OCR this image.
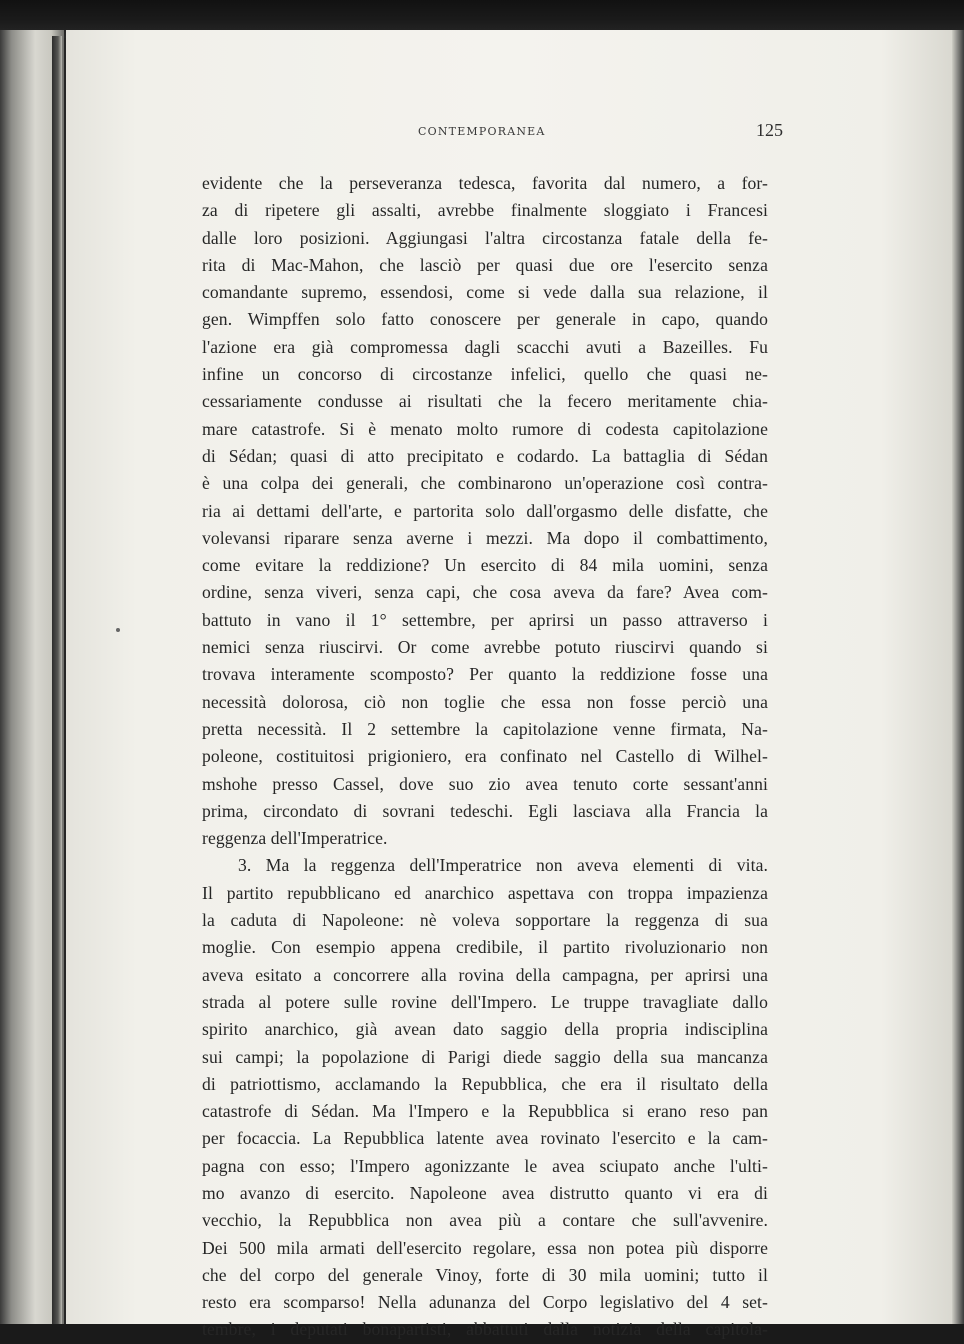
CONTEMPORANEA	125
evidente che la perseveranza tedesca, favorita dal numero, a for-
za di ripetere gli assalti, avrebbe finalmente sloggiato i Francesi
dalle loro posizioni. Aggiungasi l'altra circostanza fatale della fe-
rita di Mac-Mahon, che lasciò per quasi due ore l'esercito senza
comandante supremo, essendosi, come si vede dalla sua relazione, il
gen. Wimpffen solo fatto conoscere per generale in capo, quando
l'azione era già compromessa dagli scacchi avuti a Bazeilles. Fu
infine un concorso di circostanze infelici, quello che quasi ne-
cessariamente condusse ai risultati che la fecero meritamente chia-
mare catastrofe. Si è menato molto rumore di codesta capitolazione
di Sédan; quasi di atto precipitato e codardo. La battaglia di Sédan
è una colpa dei generali, che combinarono un'operazione così contra-
ria ai dettami dell'arte, e partorita solo dall'orgasmo delle disfatte, che
volevansi riparare senza averne i mezzi. Ma dopo il combattimento,
come evitare la reddizione? Un esercito di 84 mila uomini, senza
ordine, senza viveri, senza capi, che cosa aveva da fare? Avea com-
battuto in vano il 1° settembre, per aprirsi un passo attraverso i
nemici senza riuscirvi. Or come avrebbe potuto riuscirvi quando si
trovava interamente scomposto? Per quanto la reddizione fosse una
necessità dolorosa, ciò non toglie che essa non fosse perciò una
pretta necessità. Il 2 settembre la capitolazione venne firmata, Na-
poleone, costituitosi prigioniero, era confinato nel Castello di Wilhel-
mshohe presso Cassel, dove suo zio avea tenuto corte sessant'anni
prima, circondato di sovrani tedeschi. Egli lasciava alla Francia la
reggenza dell'Imperatrice.
3. Ma la reggenza dell'Imperatrice non aveva elementi di vita.
Il partito repubblicano ed anarchico aspettava con troppa impazienza
la caduta di Napoleone: nè voleva sopportare la reggenza di sua
moglie. Con esempio appena credibile, il partito rivoluzionario non
aveva esitato a concorrere alla rovina della campagna, per aprirsi una
strada al potere sulle rovine dell'Impero. Le truppe travagliate dallo
spirito anarchico, già avean dato saggio della propria indisciplina
sui campi; la popolazione di Parigi diede saggio della sua mancanza
di patriottismo, acclamando la Repubblica, che era il risultato della
catastrofe di Sédan. Ma l'Impero e la Repubblica si erano reso pan
per focaccia. La Repubblica latente avea rovinato l'esercito e la cam-
pagna con esso; l'Impero agonizzante le avea sciupato anche l'ulti-
mo avanzo di esercito. Napoleone avea distrutto quanto vi era di
vecchio, la Repubblica non avea più a contare che sull'avvenire.
Dei 500 mila armati dell'esercito regolare, essa non potea più disporre
che del corpo del generale Vinoy, forte di 30 mila uomini; tutto il
resto era scomparso! Nella adunanza del Corpo legislativo del 4 set-
tembre, i deputati bonapartisti, abbattuti dalla notizia della capitola-
